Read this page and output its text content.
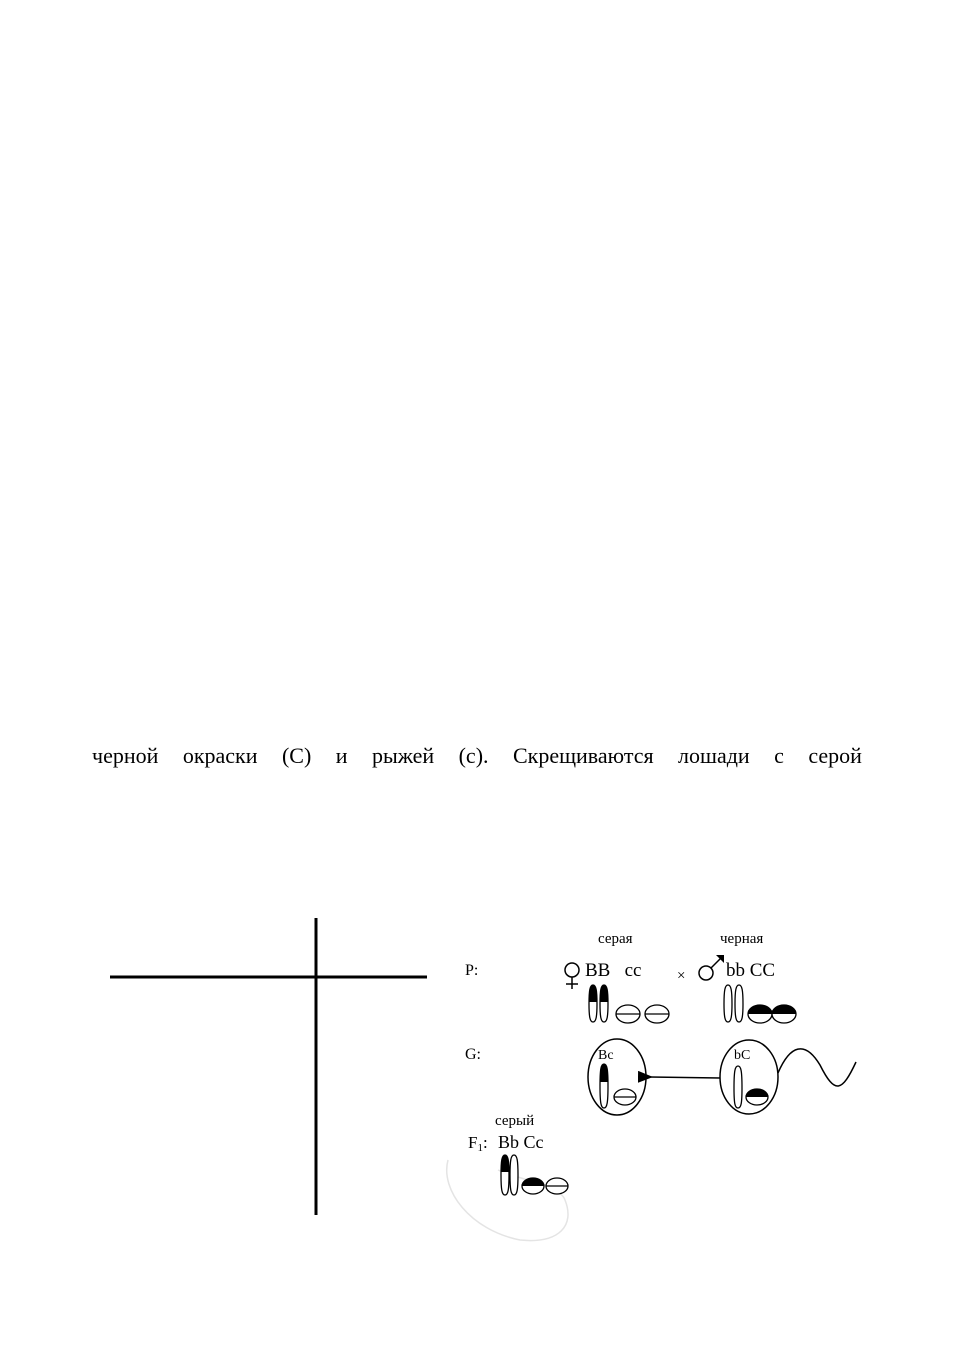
черной окраски (С) и рыжей (с). Скрещиваются лошади с серой
P:
G:
F1:
серая	черная
BB   cc × bb CC
Bc	bC
серый
Bb Cc
